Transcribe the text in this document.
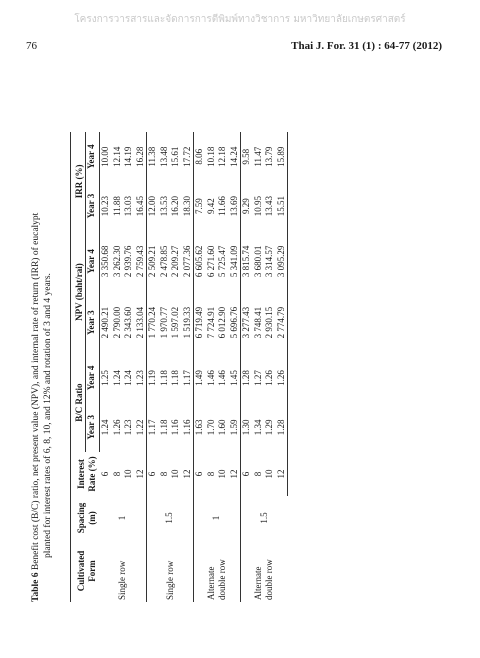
โครงการวารสารและจัดการการตีพิมพ์ทางวิชาการ มหาวิทยาลัยเกษตรศาสตร์
76	Thai J. For. 31 (1) : 64-77 (2012)

Table 6 Benefit cost (B/C) ratio, net present value (NPV), and internal rate of return (IRR) of eucalypt planted for interest rates of 6, 8, 10, and 12% and rotation of 3 and 4 years.

Cultivated Form	Spacing (m)	Interest Rate (%)	B/C Ratio		NPV (baht/rai)		IRR (%)	
			Year 3	Year 4	Year 3	Year 4	Year 3	Year 4
Single row	1	6	1.24	1.25	2 490.21	3 350.68	10.23	10.00
		8	1.26	1.24	2 790.00	3 262.30	11.88	12.14
		10	1.23	1.24	2 343.60	2 939.76	13.03	14.19
		12	1.22	1.23	2 133.04	2 759.43	16.45	16.28
Single row	1.5	6	1.17	1.19	1 770.24	2 509.21	12.00	11.38
		8	1.18	1.18	1 970.77	2 478.85	13.53	13.48
		10	1.16	1.18	1 597.02	2 209.27	16.20	15.61
		12	1.16	1.17	1 519.33	2 077.36	18.30	17.72
Alternate double row	1	6	1.63	1.49	6 719.49	6 605.62	7.59	8.06
		8	1.70	1.46	7 724.91	6 271.60	9.42	10.18
		10	1.60	1.46	6 012.90	5 725.47	11.66	12.18
		12	1.59	1.45	5 696.76	5 341.09	13.69	14.24
Alternate double row	1.5	6	1.30	1.28	3 277.43	3 815.74	9.29	9.58
		8	1.34	1.27	3 748.41	3 680.01	10.95	11.47
		10	1.29	1.26	2 930.15	3 314.57	13.43	13.79
		12	1.28	1.26	2 774.79	3 095.29	15.51	15.89
